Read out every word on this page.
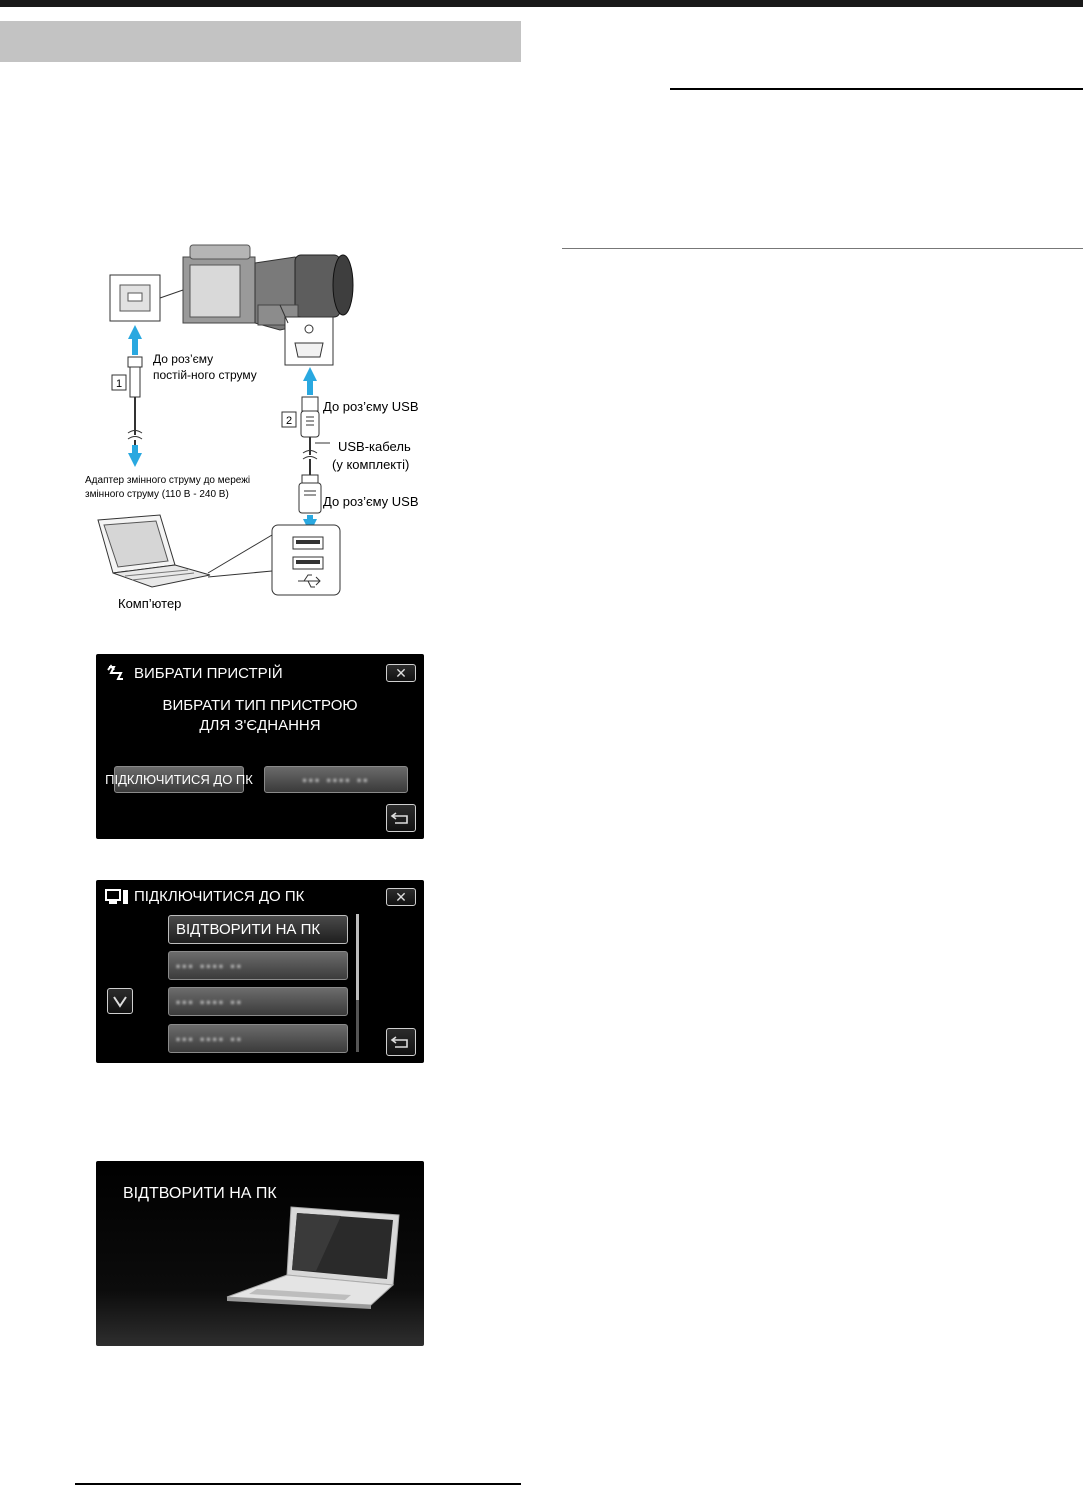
1
До роз’єму
постій-ного струму
2
До роз’єму USB
USB-кабель
(у комплекті)
До роз’єму USB
Адаптер змінного струму до мережі
змінного струму (110 В - 240 В)
Комп’ютер
ВИБРАТИ ПРИСТРІЙ	✕
ВИБРАТИ ТИП ПРИСТРОЮ
ДЛЯ З'ЄДНАННЯ
ПІДКЛЮЧИТИСЯ ДО ПК	▪▪▪ ▪▪▪▪ ▪▪
ПІДКЛЮЧИТИСЯ ДО ПК	✕
ВІДТВОРИТИ НА ПК
▪▪▪ ▪▪▪▪ ▪▪
▪▪▪ ▪▪▪▪ ▪▪
▪▪▪ ▪▪▪▪ ▪▪
ВІДТВОРИТИ НА ПК
